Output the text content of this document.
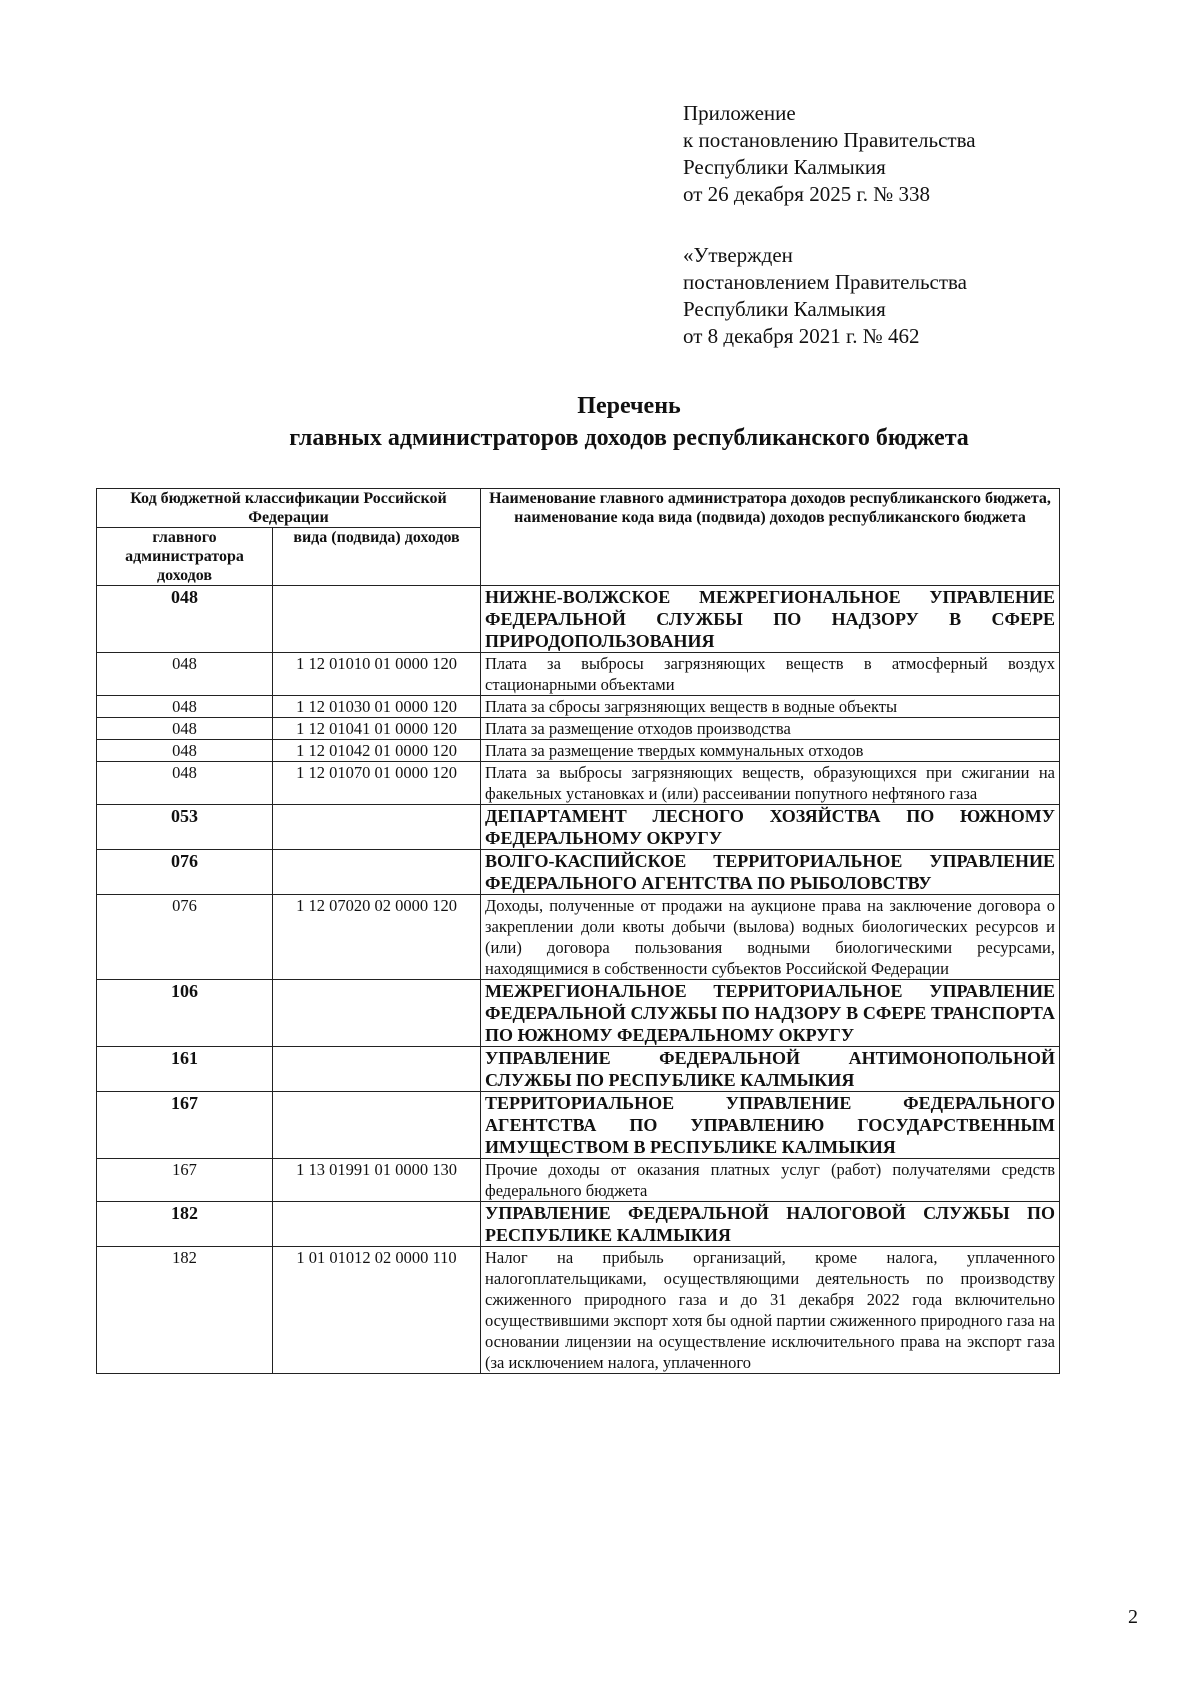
Приложение
к постановлению Правительства
Республики Калмыкия
от 26 декабря 2025 г. № 338
«Утвержден
постановлением Правительства
Республики Калмыкия
от 8 декабря 2021 г. № 462
Перечень
главных администраторов доходов республиканского бюджета
Код бюджетной классификации Российской Федерации		Наименование главного администратора доходов республиканского бюджета, наименование кода вида (подвида) доходов республиканского бюджета
главного администратора доходов	вида (подвида) доходов	
048		НИЖНЕ-ВОЛЖСКОЕ МЕЖРЕГИОНАЛЬНОЕ УПРАВЛЕНИЕ ФЕДЕРАЛЬНОЙ СЛУЖБЫ ПО НАДЗОРУ В СФЕРЕ ПРИРОДОПОЛЬЗОВАНИЯ
048	1 12 01010 01 0000 120	Плата за выбросы загрязняющих веществ в атмосферный воздух стационарными объектами
048	1 12 01030 01 0000 120	Плата за сбросы загрязняющих веществ в водные объекты
048	1 12 01041 01 0000 120	Плата за размещение отходов производства
048	1 12 01042 01 0000 120	Плата за размещение твердых коммунальных отходов
048	1 12 01070 01 0000 120	Плата за выбросы загрязняющих веществ, образующихся при сжигании на факельных установках и (или) рассеивании попутного нефтяного газа
053		ДЕПАРТАМЕНТ ЛЕСНОГО ХОЗЯЙСТВА ПО ЮЖНОМУ ФЕДЕРАЛЬНОМУ ОКРУГУ
076		ВОЛГО-КАСПИЙСКОЕ ТЕРРИТОРИАЛЬНОЕ УПРАВЛЕНИЕ ФЕДЕРАЛЬНОГО АГЕНТСТВА ПО РЫБОЛОВСТВУ
076	1 12 07020 02 0000 120	Доходы, полученные от продажи на аукционе права на заключение договора о закреплении доли квоты добычи (вылова) водных биологических ресурсов и (или) договора пользования водными биологическими ресурсами, находящимися в собственности субъектов Российской Федерации
106		МЕЖРЕГИОНАЛЬНОЕ ТЕРРИТОРИАЛЬНОЕ УПРАВЛЕНИЕ ФЕДЕРАЛЬНОЙ СЛУЖБЫ ПО НАДЗОРУ В СФЕРЕ ТРАНСПОРТА ПО ЮЖНОМУ ФЕДЕРАЛЬНОМУ ОКРУГУ
161		УПРАВЛЕНИЕ ФЕДЕРАЛЬНОЙ АНТИМОНОПОЛЬНОЙ СЛУЖБЫ ПО РЕСПУБЛИКЕ КАЛМЫКИЯ
167		ТЕРРИТОРИАЛЬНОЕ УПРАВЛЕНИЕ ФЕДЕРАЛЬНОГО АГЕНТСТВА ПО УПРАВЛЕНИЮ ГОСУДАРСТВЕННЫМ ИМУЩЕСТВОМ В РЕСПУБЛИКЕ КАЛМЫКИЯ
167	1 13 01991 01 0000 130	Прочие доходы от оказания платных услуг (работ) получателями средств федерального бюджета
182		УПРАВЛЕНИЕ ФЕДЕРАЛЬНОЙ НАЛОГОВОЙ СЛУЖБЫ ПО РЕСПУБЛИКЕ КАЛМЫКИЯ
182	1 01 01012 02 0000 110	Налог на прибыль организаций, кроме налога, уплаченного налогоплательщиками, осуществляющими деятельность по производству сжиженного природного газа и до 31 декабря 2022 года включительно осуществившими экспорт хотя бы одной партии сжиженного природного газа на основании лицензии на осуществление исключительного права на экспорт газа (за исключением налога, уплаченного
2
